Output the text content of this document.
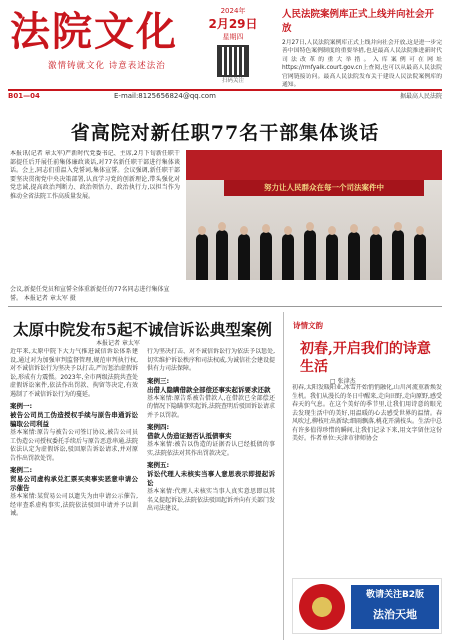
法院文化
激情铸就文化 诗意表述法治
2024年
2月29日
星期四
扫码关注
人民法院案例库正式上线并向社会开放
2月27日,人民法院案例库正式上线并向社会开放,这是进一步完善中国特色案例制度的重要举措,也是最高人民法院推进新时代司法改革的重大举措。入库案例可在网址https://rmfyalk.court.gov.cn上查阅,也可以从最高人民法院官网链接访问。最高人民法院发布关于建设人民法院案例库的通知。
据最高人民法院
B01—04	E-mail:8125656824@qq.com
省高院对新任职77名干部集体谈话
本报讯(记者 章太军)严新时代党委书记、主席,2月下旬新任职干部提任后开展任前集体廉政谈话,对77名新任职干部进行集体谈话。会上,同志们重温入党誓词,集体宣誓。会议强调,新任职干部要坚决贯彻党中央决策部署,认真学习党的创新理论,带头强化对党忠诚,提高政治判断力、政治领悟力、政治执行力,以担当作为推动全省法院工作高质量发展。
努力让人民群众在每一个司法案件中
会议,新提任党员和宣誓全体重新提任的77名同志进行集体宣誓。 本报记者 章太军 摄
太原中院发布5起不诚信诉讼典型案例
本报记者 章太军
近年来,太原中院下大力气推进诚信诉讼体系建设,通过对为加强审判监督管理,规范审判执行权,对不诚信诉讼行为坚决予以打击,严厉惩治虚假诉讼,形成有力震慑。2023年,全市两级法院共查处虚假诉讼案件,依法作出罚款、拘留等决定,有效遏制了不诚信诉讼行为的蔓延。
案例一:
被告公司员工伪造授权手续与原告串通诉讼骗取公司利益
基本案情:原告与被告公司签订协议,被告公司员工伪造公司授权委托手续后与原告恶意串通,法院依法认定为虚假诉讼,驳回原告诉讼请求,并对原告作出罚款处罚。
案例二:
贸易公司虚构承兑汇票买卖事实恶意申请公示催告
基本案情:某贸易公司以遗失为由申请公示催告,经审查系虚构事实,法院依法驳回申请并予以训诫。
行为坚决打击、对不诚信诉讼行为依法予以惩处,切实维护诉讼秩序和司法权威,为诚信社会建设提供有力司法保障。
案例三:
出借人隐瞒借款全部偿还事实起诉要求还款
基本案情:原告系被告借款人,在借款已全部偿还的情况下隐瞒事实起诉,法院查明后驳回诉讼请求并予以罚款。
案例四:
借款人伪造证据否认抵债事实
基本案情:被告以伪造的证据否认已经抵债的事实,法院依法对其作出罚款决定。
案例五:
诉讼代理人未核实当事人意思表示即提起诉讼
基本案情:代理人未核实当事人真实意思即以其名义提起诉讼,法院依法驳回起诉并向有关部门发出司法建议。
诗情文韵
初春,开启我们的诗意生活
□ 张津杰
初春,太阳发暖阳业,冰雪开始悄悄融化,山川河流重新焕发生机。我们从漫长的冬日中醒来,走向田野,走向原野,感受春天的气息。在这个美好的季节里,让我们用诗意的眼光去发现生活中的美好,用温暖的心去感受世界的温情。春风吹过,柳枝吐出新绿;细雨飘落,桃花开满枝头。生活中总有许多值得珍惜的瞬间,让我们记录下来,用文字留住这份美好。作者单位:天津市律师协会
敬请关注B2版
法治天地
